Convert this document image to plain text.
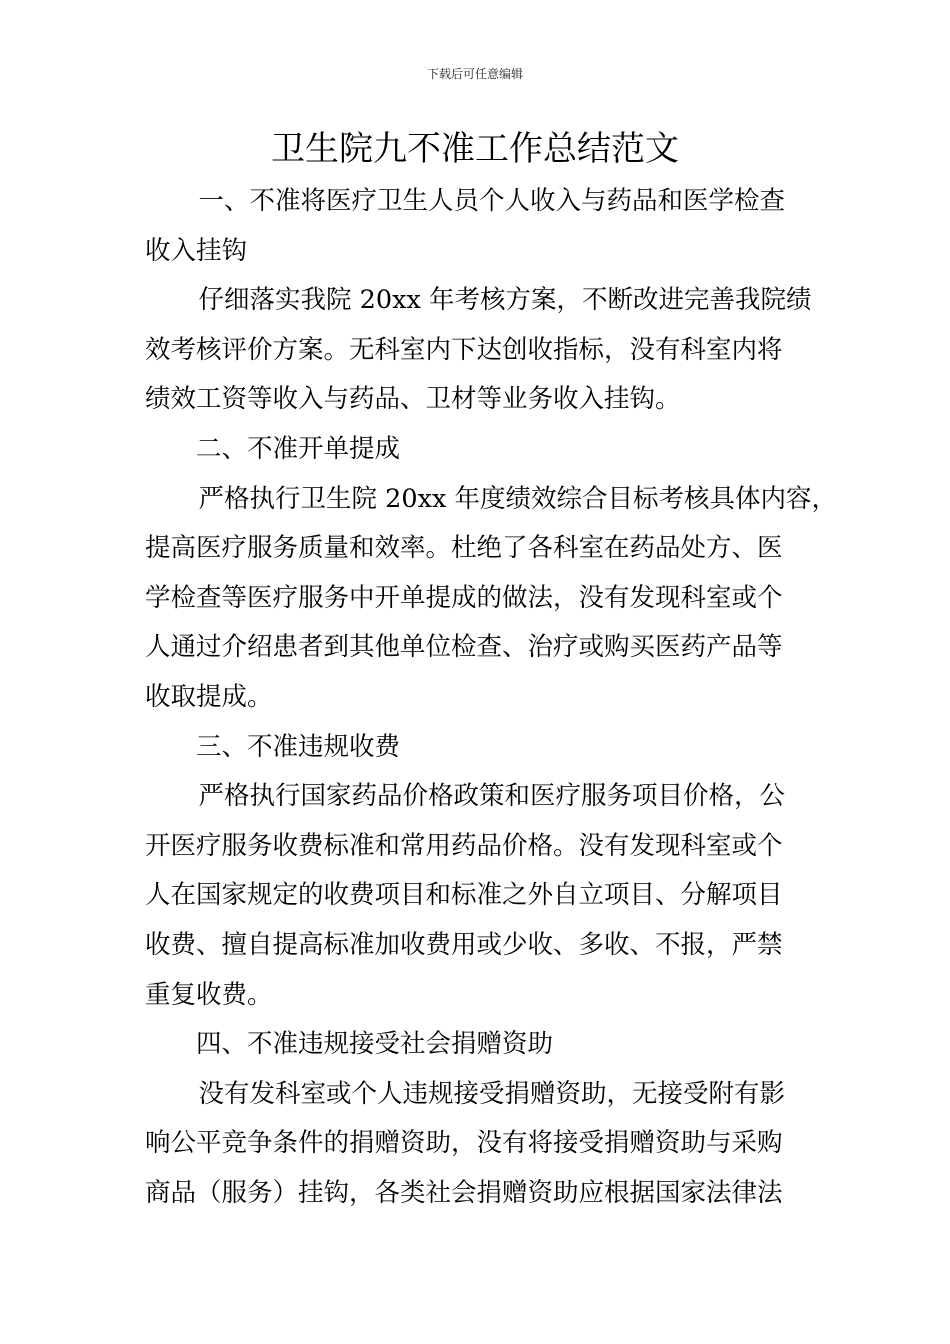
下载后可任意编辑
卫生院九不准工作总结范文
一、不准将医疗卫生人员个人收入与药品和医学检查
收入挂钩
仔细落实我院 20xx 年考核方案，不断改进完善我院绩
效考核评价方案。无科室内下达创收指标，没有科室内将
绩效工资等收入与药品、卫材等业务收入挂钩。
二、不准开单提成
严格执行卫生院 20xx 年度绩效综合目标考核具体内容，
提高医疗服务质量和效率。杜绝了各科室在药品处方、医
学检查等医疗服务中开单提成的做法，没有发现科室或个
人通过介绍患者到其他单位检查、治疗或购买医药产品等
收取提成。
三、不准违规收费
严格执行国家药品价格政策和医疗服务项目价格，公
开医疗服务收费标准和常用药品价格。没有发现科室或个
人在国家规定的收费项目和标准之外自立项目、分解项目
收费、擅自提高标准加收费用或少收、多收、不报，严禁
重复收费。
四、不准违规接受社会捐赠资助
没有发科室或个人违规接受捐赠资助，无接受附有影
响公平竞争条件的捐赠资助，没有将接受捐赠资助与采购
商品（服务）挂钩，各类社会捐赠资助应根据国家法律法
